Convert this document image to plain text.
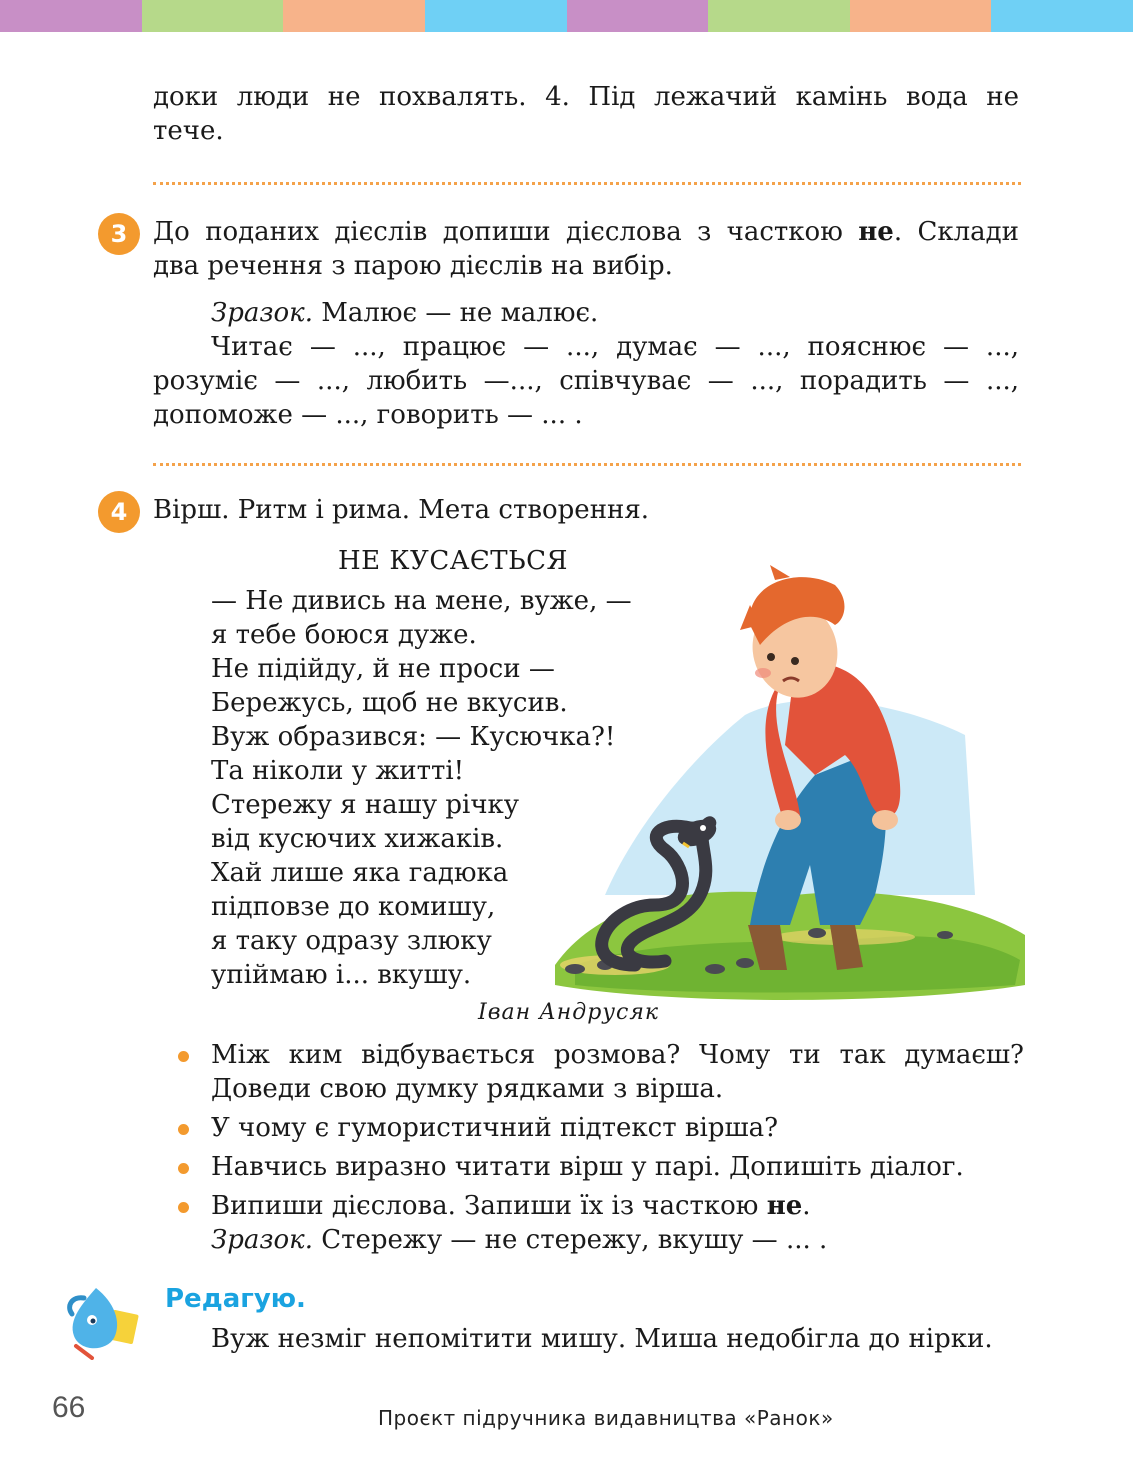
доки люди не похвалять. 4. Під лежачий камінь вода не
тече.
3 До поданих дієслів допиши дієслова з часткою не. Склади
два речення з парою дієслів на вибір.
Зразок. Малює — не малює.
Читає — ..., працює — ..., думає — ..., пояснює — ...,
розуміє — ..., любить —..., співчуває — ..., порадить — ...,
допоможе — ..., говорить — ... .
4 Вірш. Ритм і рима. Мета створення.
НЕ КУСАЄТЬСЯ
— Не дивись на мене, вуже, —
я тебе боюся дуже.
Не підійду, й не проси —
Бережусь, щоб не вкусив.
Вуж образився: — Кусючка?!
Та ніколи у житті!
Стережу я нашу річку
від кусючих хижаків.
Хай лише яка гадюка
підповзе до комишу,
я таку одразу злюку
упіймаю і... вкушу.
Іван Андрусяк
Між ким відбувається розмова? Чому ти так думаєш?
Доведи свою думку рядками з вірша.
У чому є гумористичний підтекст вірша?
Навчись виразно читати вірш у парі. Допишіть діалог.
Випиши дієслова. Запиши їх із часткою не.
Зразок. Стережу — не стережу, вкушу — ... .
Редагую.
Вуж незміг непомітити мишу. Миша недобігла до нірки.
66	Проєкт підручника видавництва «Ранок»
